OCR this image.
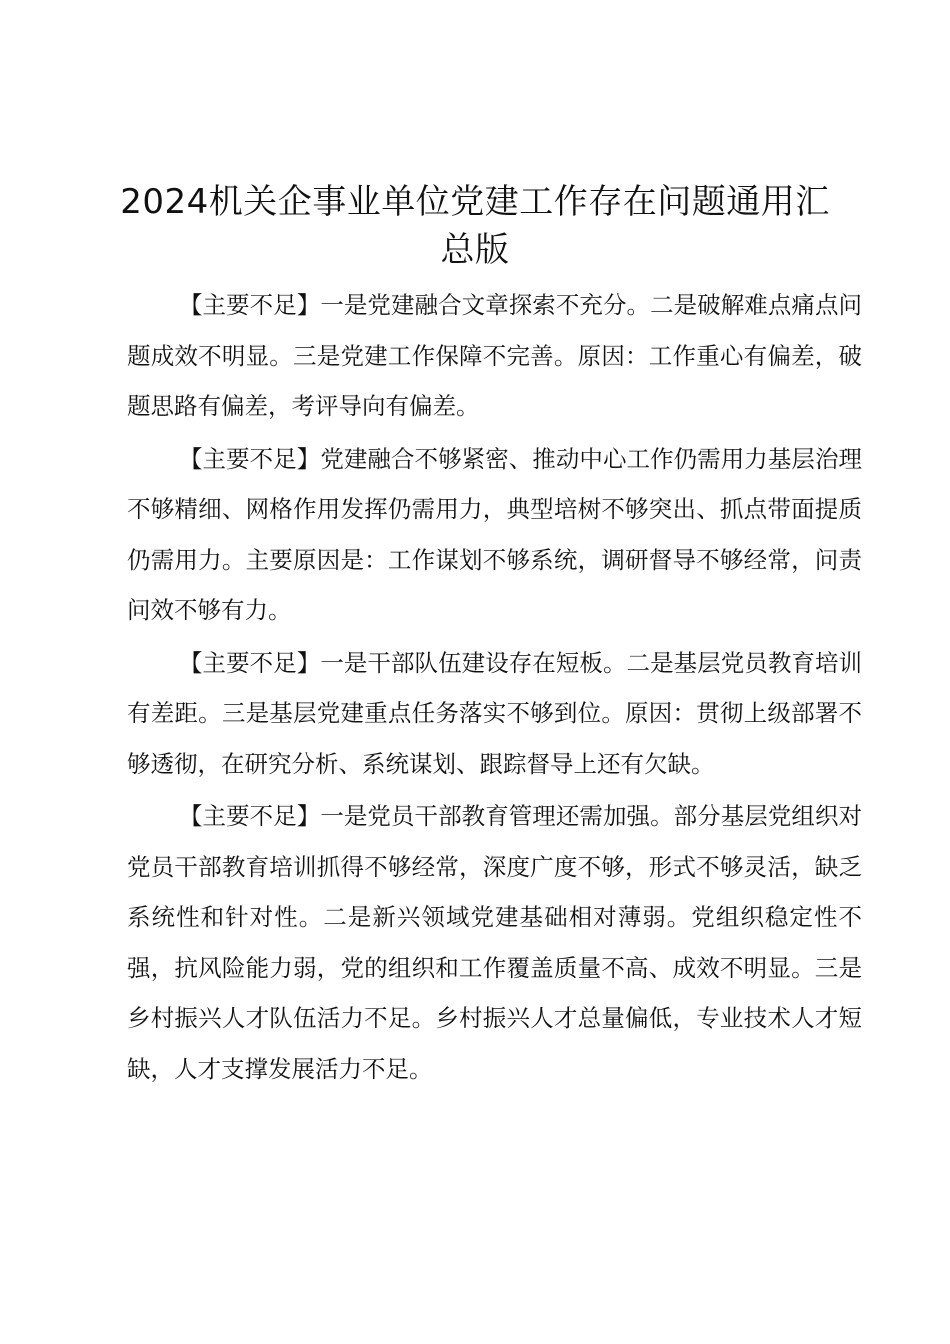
2024机关企事业单位党建工作存在问题通用汇总版

【主要不足】一是党建融合文章探索不充分。二是破解难点痛点问题成效不明显。三是党建工作保障不完善。原因：工作重心有偏差，破题思路有偏差，考评导向有偏差。

【主要不足】党建融合不够紧密、推动中心工作仍需用力基层治理不够精细、网格作用发挥仍需用力，典型培树不够突出、抓点带面提质仍需用力。主要原因是：工作谋划不够系统，调研督导不够经常，问责问效不够有力。

【主要不足】一是干部队伍建设存在短板。二是基层党员教育培训有差距。三是基层党建重点任务落实不够到位。原因：贯彻上级部署不够透彻，在研究分析、系统谋划、跟踪督导上还有欠缺。

【主要不足】一是党员干部教育管理还需加强。部分基层党组织对党员干部教育培训抓得不够经常，深度广度不够，形式不够灵活，缺乏系统性和针对性。二是新兴领域党建基础相对薄弱。党组织稳定性不强，抗风险能力弱，党的组织和工作覆盖质量不高、成效不明显。三是乡村振兴人才队伍活力不足。乡村振兴人才总量偏低，专业技术人才短缺，人才支撑发展活力不足。
